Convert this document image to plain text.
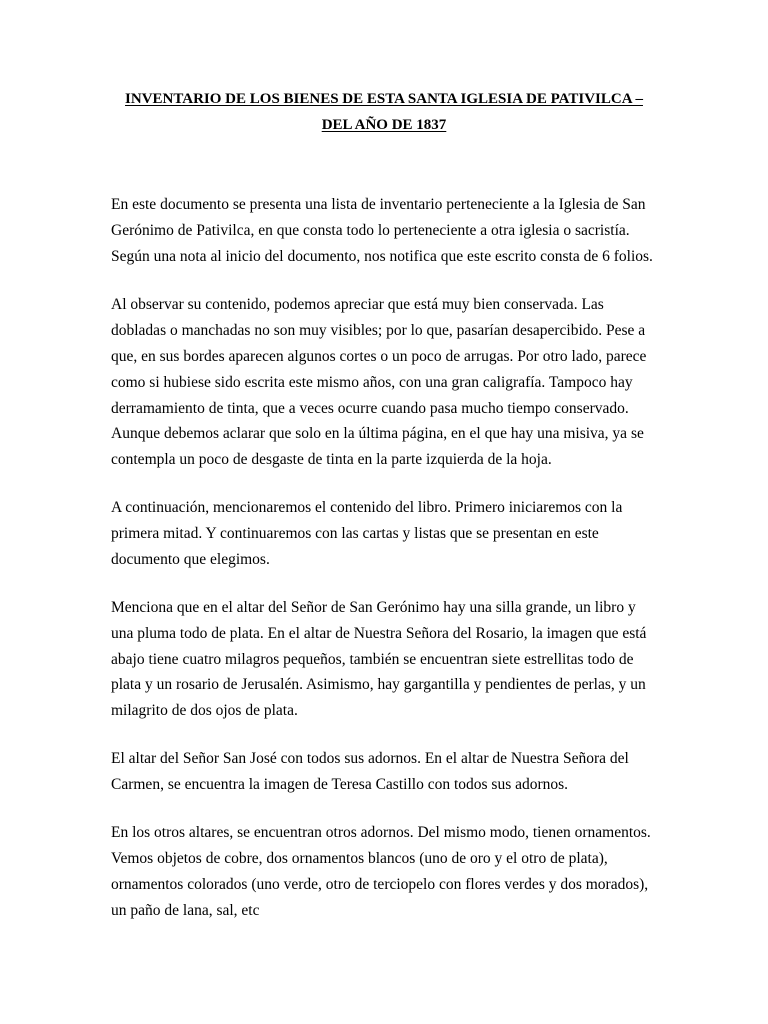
INVENTARIO DE LOS BIENES DE ESTA SANTA IGLESIA DE PATIVILCA –
DEL AÑO DE 1837
En este documento se presenta una lista de inventario perteneciente a la Iglesia de San
Gerónimo de Pativilca, en que consta todo lo perteneciente a otra iglesia o sacristía.
Según una nota al inicio del documento, nos notifica que este escrito consta de 6 folios.
Al observar su contenido, podemos apreciar que está muy bien conservada. Las
dobladas o manchadas no son muy visibles; por lo que, pasarían desapercibido. Pese a
que, en sus bordes aparecen algunos cortes o un poco de arrugas. Por otro lado, parece
como si hubiese sido escrita este mismo años, con una gran caligrafía. Tampoco hay
derramamiento de tinta, que a veces ocurre cuando pasa mucho tiempo conservado.
Aunque debemos aclarar que solo en la última página, en el que hay una misiva, ya se
contempla un poco de desgaste de tinta en la parte izquierda de la hoja.
A continuación, mencionaremos el contenido del libro. Primero iniciaremos con la
primera mitad. Y continuaremos con las cartas y listas que se presentan en este
documento que elegimos.
Menciona que en el altar del Señor de San Gerónimo hay una silla grande, un libro y
una pluma todo de plata. En el altar de Nuestra Señora del Rosario, la imagen que está
abajo tiene cuatro milagros pequeños, también se encuentran siete estrellitas todo de
plata y un rosario de Jerusalén. Asimismo, hay gargantilla y pendientes de perlas, y un
milagrito de dos ojos de plata.
El altar del Señor San José con todos sus adornos. En el altar de Nuestra Señora del
Carmen, se encuentra la imagen de Teresa Castillo con todos sus adornos.
En los otros altares, se encuentran otros adornos. Del mismo modo, tienen ornamentos.
Vemos objetos de cobre, dos ornamentos blancos (uno de oro y el otro de plata),
ornamentos colorados (uno verde, otro de terciopelo con flores verdes y dos morados),
un paño de lana, sal, etc
